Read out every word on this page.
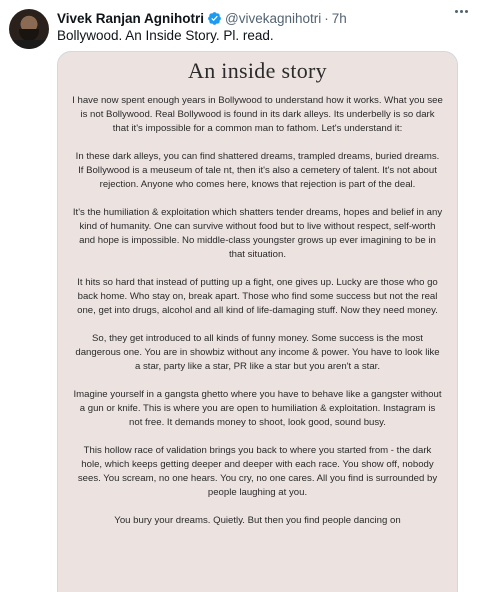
Vivek Ranjan Agnihotri @vivekagnihotri · 7h
Bollywood. An Inside Story. Pl. read.
An inside story

I have now spent enough years in Bollywood to understand how it works. What you see is not Bollywood. Real Bollywood is found in its dark alleys. Its underbelly is so dark that it's impossible for a common man to fathom. Let's understand it:

In these dark alleys, you can find shattered dreams, trampled dreams, buried dreams. If Bollywood is a meuseum of tale nt, then it's also a cemetery of talent. It's not about rejection. Anyone who comes here, knows that rejection is part of the deal.

It's the humiliation & exploitation which shatters tender dreams, hopes and belief in any kind of humanity. One can survive without food but to live without respect, self-worth and hope is impossible. No middle-class youngster grows up ever imagining to be in that situation.

It hits so hard that instead of putting up a fight, one gives up. Lucky are those who go back home. Who stay on, break apart. Those who find some success but not the real one, get into drugs, alcohol and all kind of life-damaging stuff. Now they need money.

So, they get introduced to all kinds of funny money. Some success is the most dangerous one. You are in showbiz without any income & power. You have to look like a star, party like a star, PR like a star but you aren't a star.

Imagine yourself in a gangsta ghetto where you have to behave like a gangster without a gun or knife. This is where you are open to humiliation & exploitation. Instagram is not free. It demands money to shoot, look good, sound busy.

This hollow race of validation brings you back to where you started from - the dark hole, which keeps getting deeper and deeper with each race. You show off, nobody sees. You scream, no one hears. You cry, no one cares. All you find is surrounded by people laughing at you.

You bury your dreams. Quietly. But then you find people dancing on
